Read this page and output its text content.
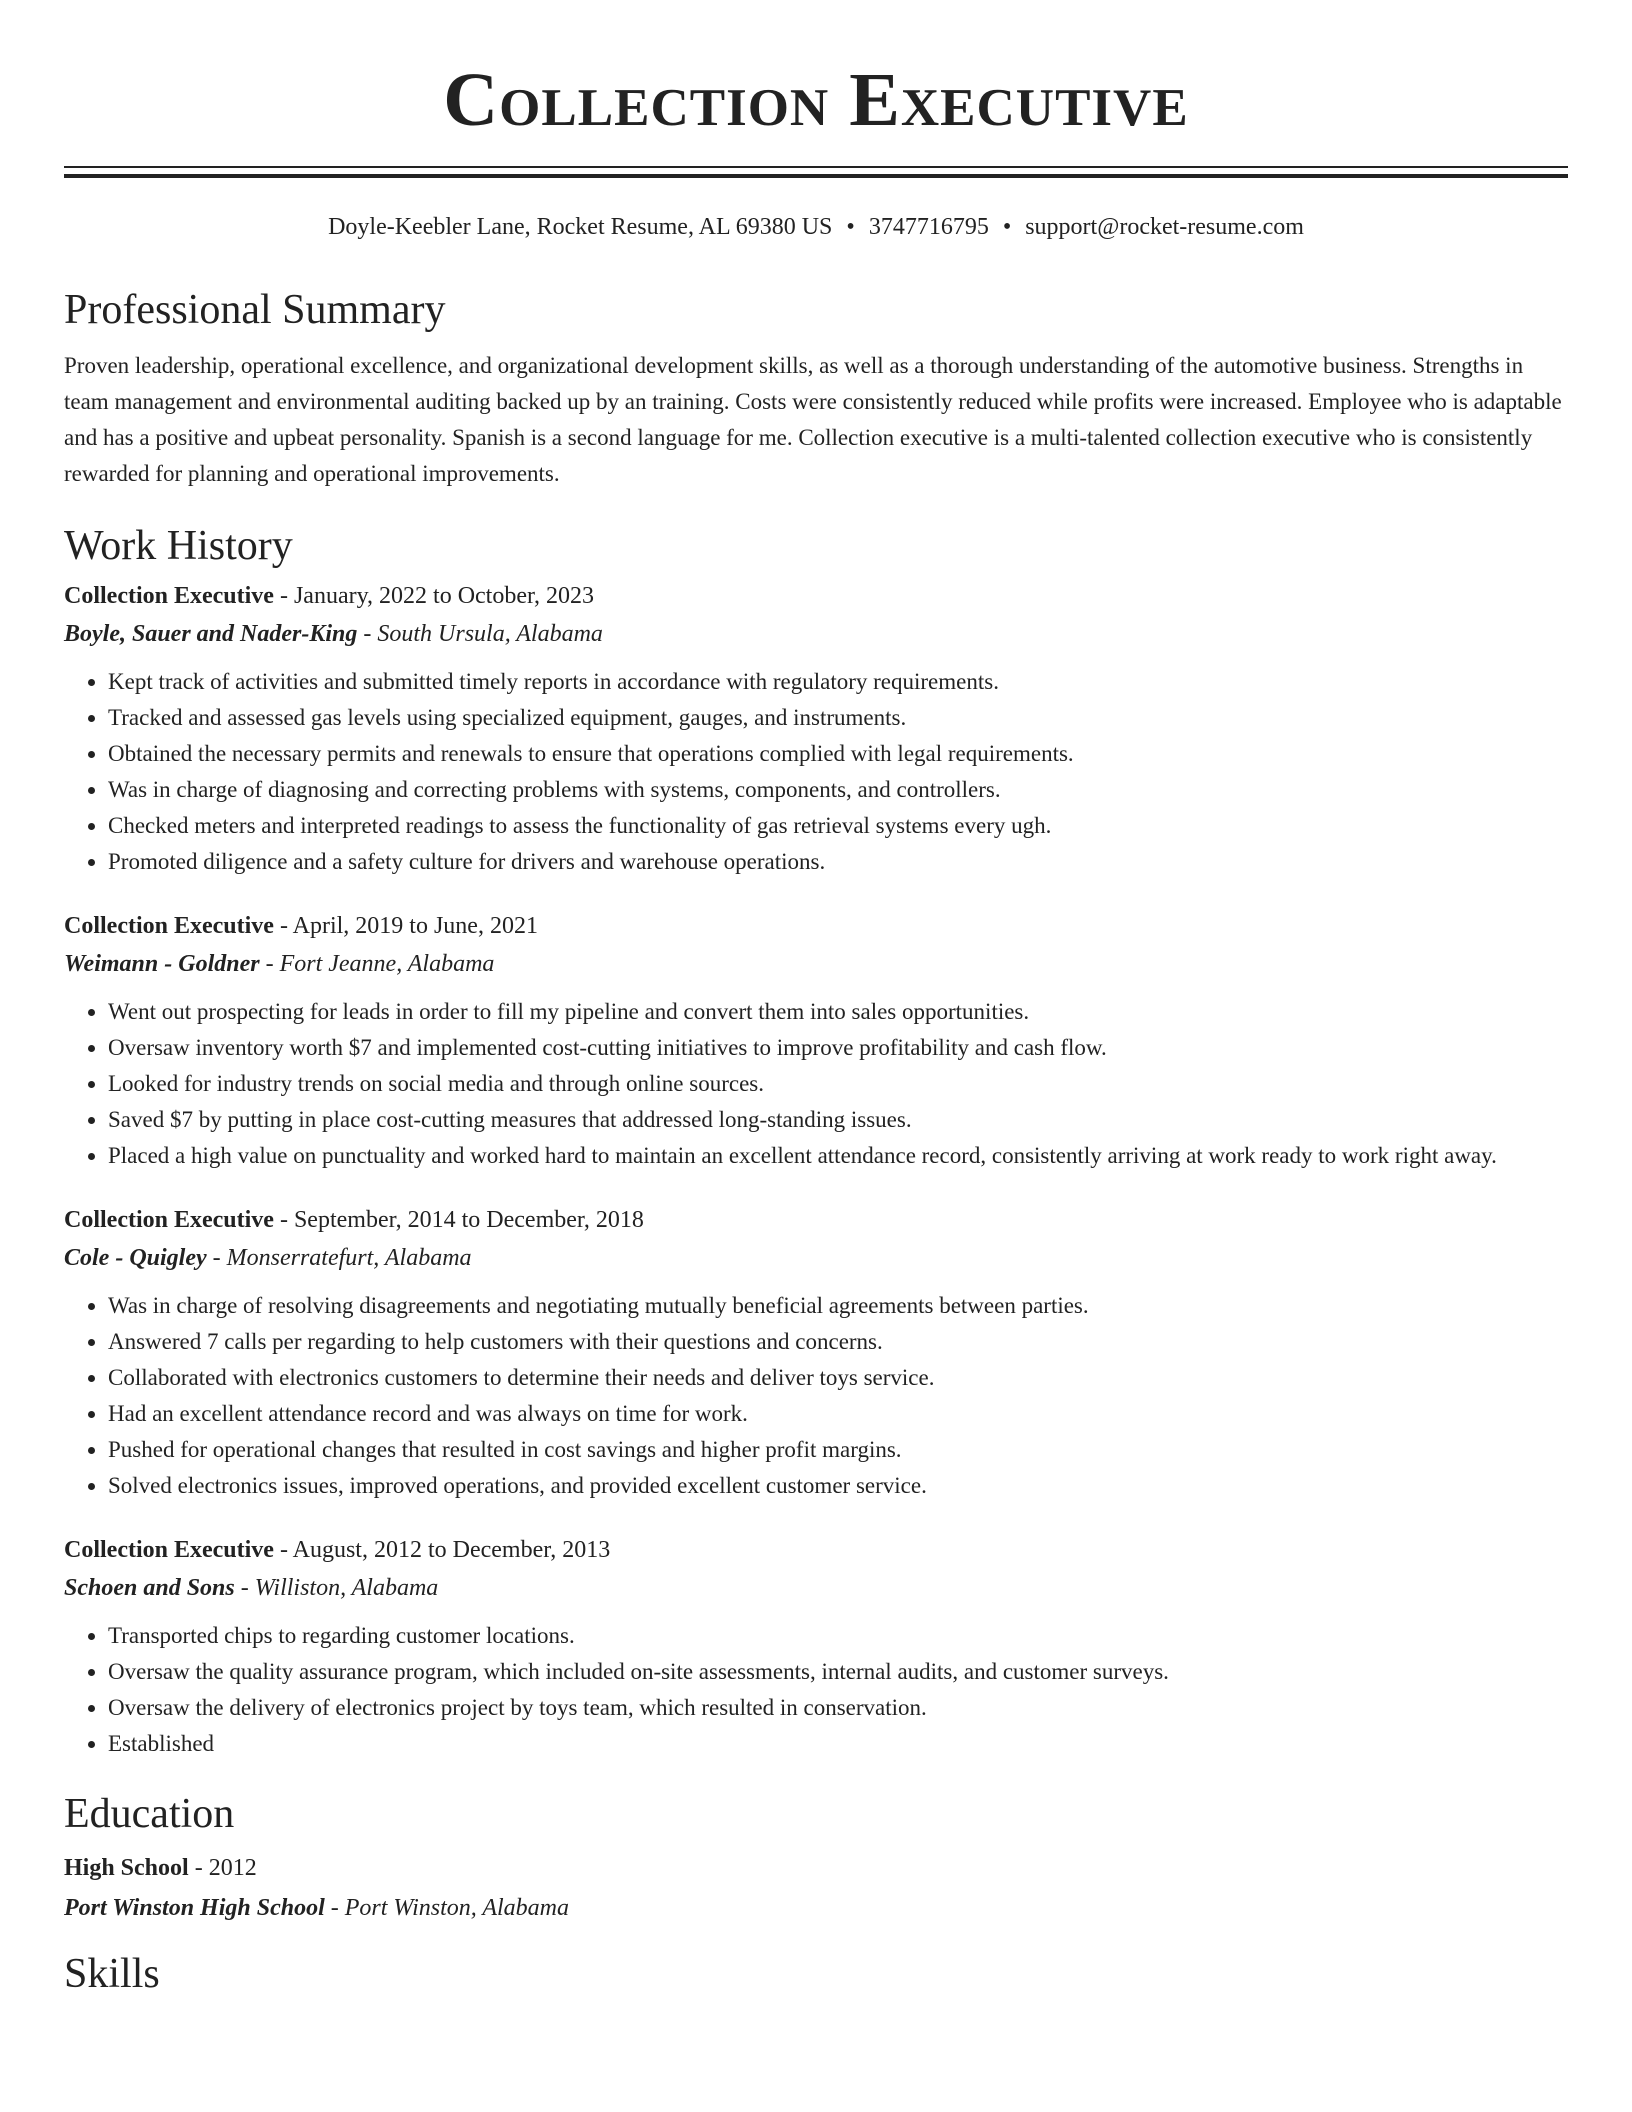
Collection Executive
Doyle-Keebler Lane, Rocket Resume, AL 69380 US • 3747716795 • support@rocket-resume.com
Professional Summary
Proven leadership, operational excellence, and organizational development skills, as well as a thorough understanding of the automotive business. Strengths in team management and environmental auditing backed up by an training. Costs were consistently reduced while profits were increased. Employee who is adaptable and has a positive and upbeat personality. Spanish is a second language for me. Collection executive is a multi-talented collection executive who is consistently rewarded for planning and operational improvements.
Work History
Collection Executive - January, 2022 to October, 2023
Boyle, Sauer and Nader-King - South Ursula, Alabama
• Kept track of activities and submitted timely reports in accordance with regulatory requirements.
• Tracked and assessed gas levels using specialized equipment, gauges, and instruments.
• Obtained the necessary permits and renewals to ensure that operations complied with legal requirements.
• Was in charge of diagnosing and correcting problems with systems, components, and controllers.
• Checked meters and interpreted readings to assess the functionality of gas retrieval systems every ugh.
• Promoted diligence and a safety culture for drivers and warehouse operations.
Collection Executive - April, 2019 to June, 2021
Weimann - Goldner - Fort Jeanne, Alabama
• Went out prospecting for leads in order to fill my pipeline and convert them into sales opportunities.
• Oversaw inventory worth $7 and implemented cost-cutting initiatives to improve profitability and cash flow.
• Looked for industry trends on social media and through online sources.
• Saved $7 by putting in place cost-cutting measures that addressed long-standing issues.
• Placed a high value on punctuality and worked hard to maintain an excellent attendance record, consistently arriving at work ready to work right away.
Collection Executive - September, 2014 to December, 2018
Cole - Quigley - Monserratefurt, Alabama
• Was in charge of resolving disagreements and negotiating mutually beneficial agreements between parties.
• Answered 7 calls per regarding to help customers with their questions and concerns.
• Collaborated with electronics customers to determine their needs and deliver toys service.
• Had an excellent attendance record and was always on time for work.
• Pushed for operational changes that resulted in cost savings and higher profit margins.
• Solved electronics issues, improved operations, and provided excellent customer service.
Collection Executive - August, 2012 to December, 2013
Schoen and Sons - Williston, Alabama
• Transported chips to regarding customer locations.
• Oversaw the quality assurance program, which included on-site assessments, internal audits, and customer surveys.
• Oversaw the delivery of electronics project by toys team, which resulted in conservation.
• Established
Education
High School - 2012
Port Winston High School - Port Winston, Alabama
Skills
